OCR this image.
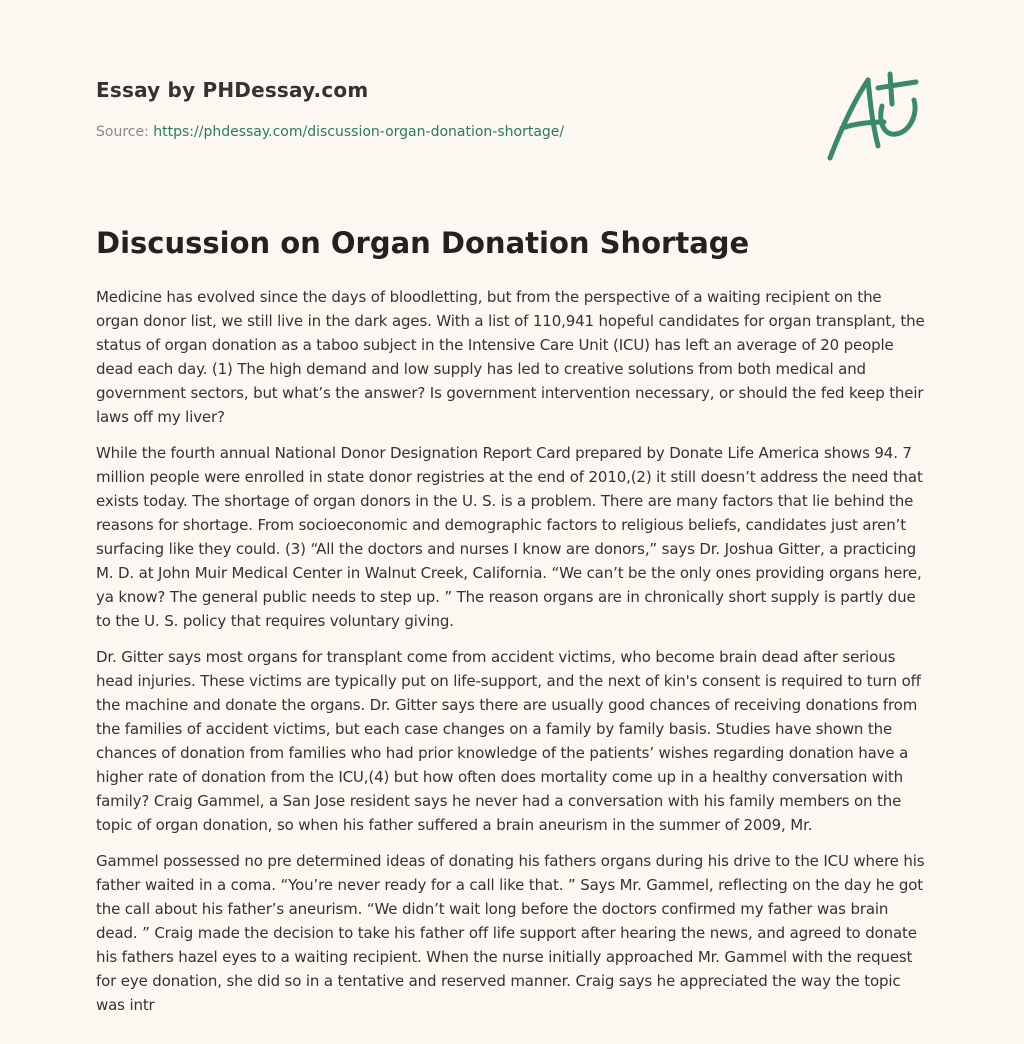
Essay by PHDessay.com
Source: https://phdessay.com/discussion-organ-donation-shortage/
Discussion on Organ Donation Shortage

Medicine has evolved since the days of bloodletting, but from the perspective of a waiting recipient on the organ donor list, we still live in the dark ages. With a list of 110,941 hopeful candidates for organ transplant, the status of organ donation as a taboo subject in the Intensive Care Unit (ICU) has left an average of 20 people dead each day. (1) The high demand and low supply has led to creative solutions from both medical and government sectors, but what’s the answer? Is government intervention necessary, or should the fed keep their laws off my liver?

While the fourth annual National Donor Designation Report Card prepared by Donate Life America shows 94. 7 million people were enrolled in state donor registries at the end of 2010,(2) it still doesn’t address the need that exists today. The shortage of organ donors in the U. S. is a problem. There are many factors that lie behind the reasons for shortage. From socioeconomic and demographic factors to religious beliefs, candidates just aren’t surfacing like they could. (3) “All the doctors and nurses I know are donors,” says Dr. Joshua Gitter, a practicing M. D. at John Muir Medical Center in Walnut Creek, California. “We can’t be the only ones providing organs here, ya know? The general public needs to step up. ” The reason organs are in chronically short supply is partly due to the U. S. policy that requires voluntary giving.

Dr. Gitter says most organs for transplant come from accident victims, who become brain dead after serious head injuries. These victims are typically put on life-support, and the next of kin's consent is required to turn off the machine and donate the organs. Dr. Gitter says there are usually good chances of receiving donations from the families of accident victims, but each case changes on a family by family basis. Studies have shown the chances of donation from families who had prior knowledge of the patients’ wishes regarding donation have a higher rate of donation from the ICU,(4) but how often does mortality come up in a healthy conversation with family? Craig Gammel, a San Jose resident says he never had a conversation with his family members on the topic of organ donation, so when his father suffered a brain aneurism in the summer of 2009, Mr.

Gammel possessed no pre determined ideas of donating his fathers organs during his drive to the ICU where his father waited in a coma. “You’re never ready for a call like that. ” Says Mr. Gammel, reflecting on the day he got the call about his father’s aneurism. “We didn’t wait long before the doctors confirmed my father was brain dead. ” Craig made the decision to take his father off life support after hearing the news, and agreed to donate his fathers hazel eyes to a waiting recipient. When the nurse initially approached Mr. Gammel with the request for eye donation, she did so in a tentative and reserved manner. Craig says he appreciated the way the topic was intr
